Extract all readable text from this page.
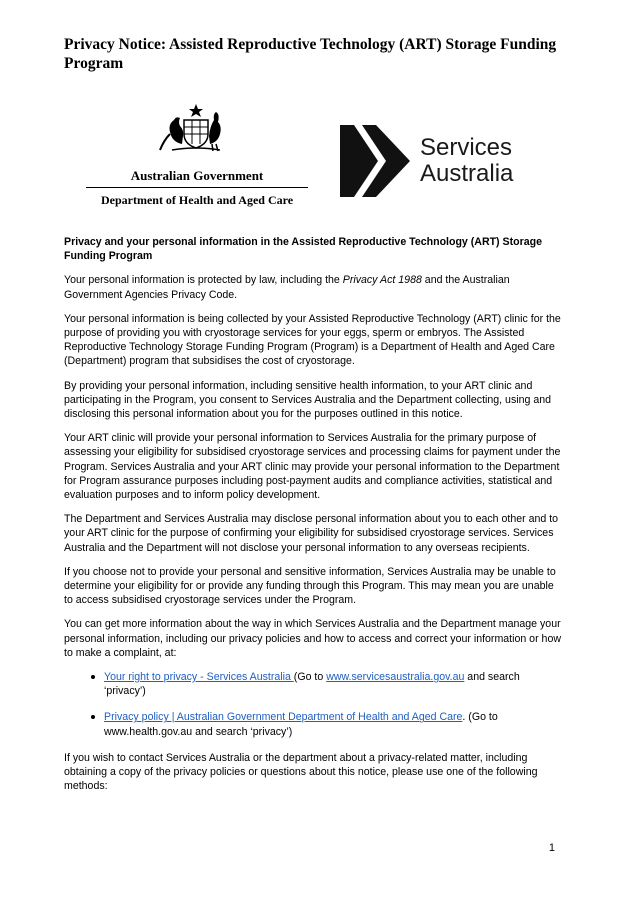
Privacy Notice: Assisted Reproductive Technology (ART) Storage Funding Program
Australian Government
Department of Health and Aged Care
Services
Australia

Privacy and your personal information in the Assisted Reproductive Technology (ART) Storage Funding Program

Your personal information is protected by law, including the Privacy Act 1988 and the Australian Government Agencies Privacy Code.

Your personal information is being collected by your Assisted Reproductive Technology (ART) clinic for the purpose of providing you with cryostorage services for your eggs, sperm or embryos. The Assisted Reproductive Technology Storage Funding Program (Program) is a Department of Health and Aged Care (Department) program that subsidises the cost of cryostorage.

By providing your personal information, including sensitive health information, to your ART clinic and participating in the Program, you consent to Services Australia and the Department collecting, using and disclosing this personal information about you for the purposes outlined in this notice.

Your ART clinic will provide your personal information to Services Australia for the primary purpose of assessing your eligibility for subsidised cryostorage services and processing claims for payment under the Program. Services Australia and your ART clinic may provide your personal information to the Department for Program assurance purposes including post-payment audits and compliance activities, statistical and evaluation purposes and to inform policy development.

The Department and Services Australia may disclose personal information about you to each other and to your ART clinic for the purpose of confirming your eligibility for subsidised cryostorage services. Services Australia and the Department will not disclose your personal information to any overseas recipients.

If you choose not to provide your personal and sensitive information, Services Australia may be unable to determine your eligibility for or provide any funding through this Program. This may mean you are unable to access subsidised cryostorage services under the Program.

You can get more information about the way in which Services Australia and the Department manage your personal information, including our privacy policies and how to access and correct your information or how to make a complaint, at:

Your right to privacy - Services Australia (Go to www.servicesaustralia.gov.au and search ‘privacy’)
Privacy policy | Australian Government Department of Health and Aged Care. (Go to www.health.gov.au and search ‘privacy’)

If you wish to contact Services Australia or the department about a privacy-related matter, including obtaining a copy of the privacy policies or questions about this notice, please use one of the following methods:

1
